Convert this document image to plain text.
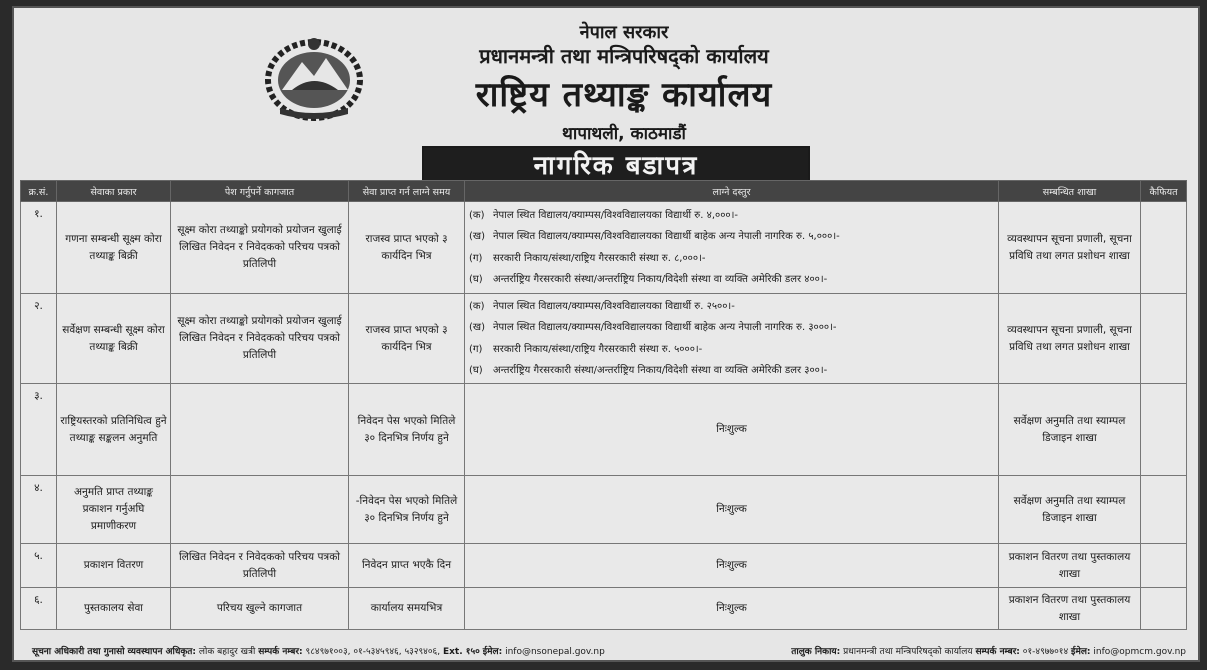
नेपाल सरकार
प्रधानमन्त्री तथा मन्त्रिपरिषद्को कार्यालय
राष्ट्रिय तथ्याङ्क कार्यालय
थापाथली, काठमाडौं
नागरिक बडापत्र
क्र.सं.	सेवाका प्रकार	पेश गर्नुपर्ने कागजात	सेवा प्राप्त गर्न लाग्ने समय	लाग्ने दस्तुर	सम्बन्धित शाखा	कैफियत
१.	गणना सम्बन्धी सूक्ष्म कोरा तथ्याङ्क बिक्री	सूक्ष्म कोरा तथ्याङ्को प्रयोगको प्रयोजन खुलाई लिखित निवेदन र निवेदकको परिचय पत्रको प्रतिलिपी	राजस्व प्राप्त भएको ३ कार्यदिन भित्र	(क) नेपाल स्थित विद्यालय/क्याम्पस/विश्वविद्यालयका विद्यार्थी रु. ४,०००।-
(ख) नेपाल स्थित विद्यालय/क्याम्पस/विश्वविद्यालयका विद्यार्थी बाहेक अन्य नेपाली नागरिक रु. ५,०००।-
(ग) सरकारी निकाय/संस्था/राष्ट्रिय गैरसरकारी संस्था रु. ८,०००।-
(घ) अन्तर्राष्ट्रिय गैरसरकारी संस्था/अन्तर्राष्ट्रिय निकाय/विदेशी संस्था वा व्यक्ति अमेरिकी डलर ४००।-	व्यवस्थापन सूचना प्रणाली, सूचना प्रविधि तथा लगत प्रशोधन शाखा	
२.	सर्वेक्षण सम्बन्धी सूक्ष्म कोरा तथ्याङ्क बिक्री	सूक्ष्म कोरा तथ्याङ्को प्रयोगको प्रयोजन खुलाई लिखित निवेदन र निवेदकको परिचय पत्रको प्रतिलिपी	राजस्व प्राप्त भएको ३ कार्यदिन भित्र	(क) नेपाल स्थित विद्यालय/क्याम्पस/विश्वविद्यालयका विद्यार्थी रु. २५००।-
(ख) नेपाल स्थित विद्यालय/क्याम्पस/विश्वविद्यालयका विद्यार्थी बाहेक अन्य नेपाली नागरिक रु. ३०००।-
(ग) सरकारी निकाय/संस्था/राष्ट्रिय गैरसरकारी संस्था रु. ५०००।-
(घ) अन्तर्राष्ट्रिय गैरसरकारी संस्था/अन्तर्राष्ट्रिय निकाय/विदेशी संस्था वा व्यक्ति अमेरिकी डलर ३००।-	व्यवस्थापन सूचना प्रणाली, सूचना प्रविधि तथा लगत प्रशोधन शाखा	
३.	राष्ट्रियस्तरको प्रतिनिधित्व हुने तथ्याङ्क सङ्कलन अनुमति		निवेदन पेस भएको मितिले ३० दिनभित्र निर्णय हुने	निःशुल्क	सर्वेक्षण अनुमति तथा स्याम्पल डिजाइन शाखा	
४.	अनुमति प्राप्त तथ्याङ्क प्रकाशन गर्नुअघि प्रमाणीकरण		-निवेदन पेस भएको मितिले ३० दिनभित्र निर्णय हुने	निःशुल्क	सर्वेक्षण अनुमति तथा स्याम्पल डिजाइन शाखा	
५.	प्रकाशन वितरण	लिखित निवेदन र निवेदकको परिचय पत्रको प्रतिलिपी	निवेदन प्राप्त भएकै दिन	निःशुल्क	प्रकाशन वितरण तथा पुस्तकालय शाखा	
६.	पुस्तकालय सेवा	परिचय खुल्ने कागजात	कार्यालय समयभित्र	निःशुल्क	प्रकाशन वितरण तथा पुस्तकालय शाखा	
सूचना अधिकारी तथा गुनासो व्यवस्थापन अधिकृत: लोक बहादुर खत्री सम्पर्क नम्बर: ९८४९७१००३, ०१-५३४५९४६, ५३२९४०६, Ext. १५० ईमेल: info@nsonepal.gov.np	तालुक निकाय: प्रधानमन्त्री तथा मन्त्रिपरिषद्को कार्यालय सम्पर्क नम्बर: ०१-४९७७०१४ ईमेल: info@opmcm.gov.np
